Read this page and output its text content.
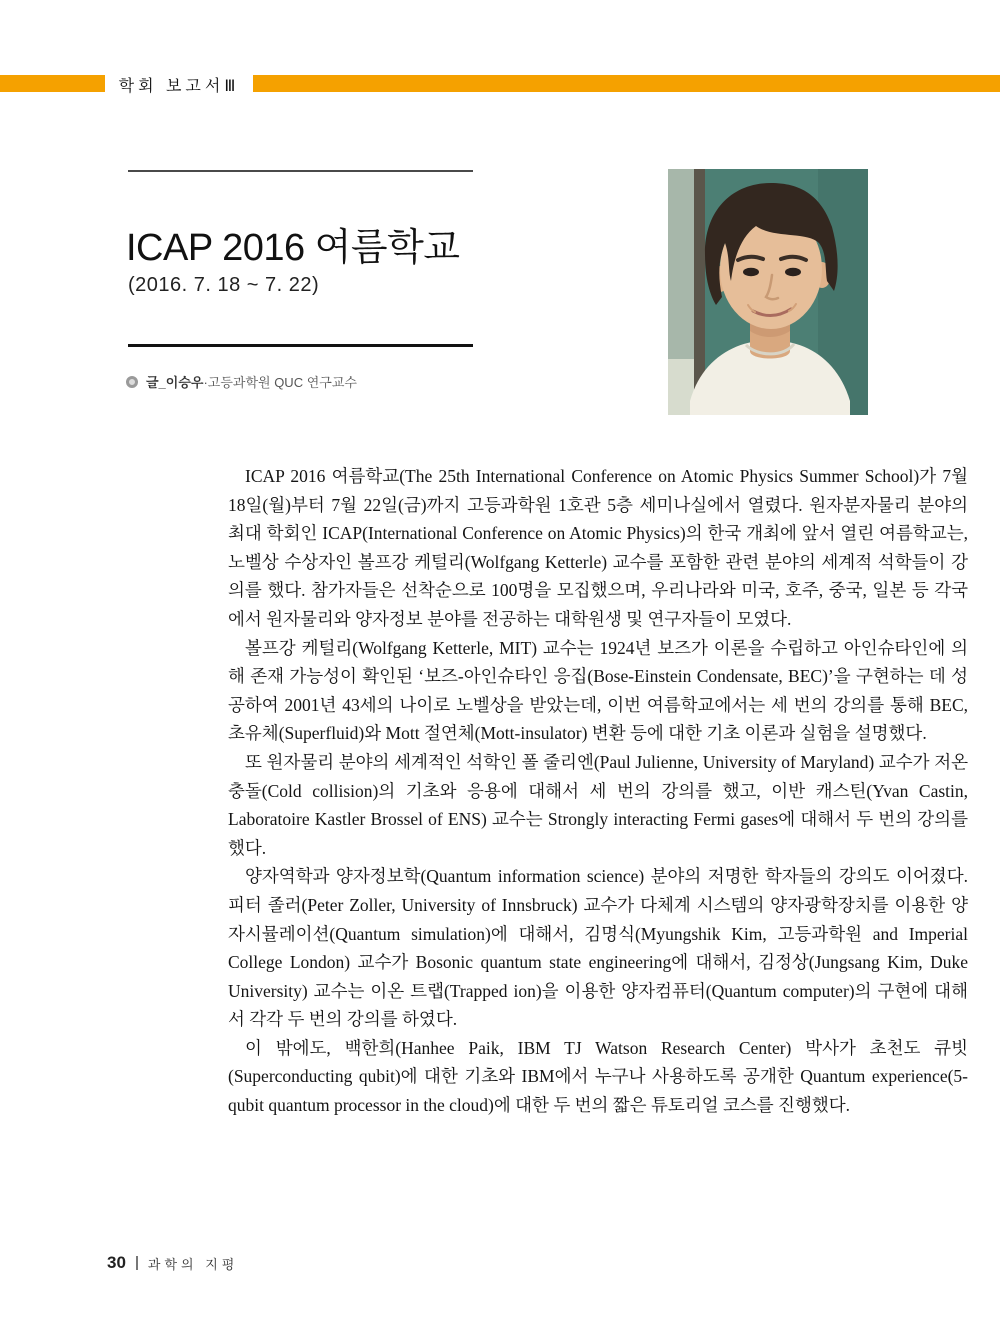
학회 보고서Ⅲ
ICAP 2016 여름학교
(2016. 7. 18 ~ 7. 22)
글_이승우·고등과학원 QUC 연구교수

ICAP 2016 여름학교(The 25th International Conference on Atomic Physics Summer School)가 7월 18일(월)부터 7월 22일(금)까지 고등과학원 1호관 5층 세미나실에서 열렸다. 원자분자물리 분야의 최대 학회인 ICAP(International Conference on Atomic Physics)의 한국 개최에 앞서 열린 여름학교는, 노벨상 수상자인 볼프강 케털리(Wolfgang Ketterle) 교수를 포함한 관련 분야의 세계적 석학들이 강의를 했다. 참가자들은 선착순으로 100명을 모집했으며, 우리나라와 미국, 호주, 중국, 일본 등 각국에서 원자물리와 양자정보 분야를 전공하는 대학원생 및 연구자들이 모였다.

볼프강 케털리(Wolfgang Ketterle, MIT) 교수는 1924년 보즈가 이론을 수립하고 아인슈타인에 의해 존재 가능성이 확인된 ‘보즈-아인슈타인 응집(Bose-Einstein Condensate, BEC)’을 구현하는 데 성공하여 2001년 43세의 나이로 노벨상을 받았는데, 이번 여름학교에서는 세 번의 강의를 통해 BEC, 초유체(Superfluid)와 Mott 절연체(Mott-insulator) 변환 등에 대한 기초 이론과 실험을 설명했다.

또 원자물리 분야의 세계적인 석학인 폴 줄리엔(Paul Julienne, University of Maryland) 교수가 저온 충돌(Cold collision)의 기초와 응용에 대해서 세 번의 강의를 했고, 이반 캐스틴(Yvan Castin, Laboratoire Kastler Brossel of ENS) 교수는 Strongly interacting Fermi gases에 대해서 두 번의 강의를 했다.

양자역학과 양자정보학(Quantum information science) 분야의 저명한 학자들의 강의도 이어졌다. 피터 졸러(Peter Zoller, University of Innsbruck) 교수가 다체계 시스템의 양자광학장치를 이용한 양자시뮬레이션(Quantum simulation)에 대해서, 김명식(Myungshik Kim, 고등과학원 and Imperial College London) 교수가 Bosonic quantum state engineering에 대해서, 김정상(Jungsang Kim, Duke University) 교수는 이온 트랩(Trapped ion)을 이용한 양자컴퓨터(Quantum computer)의 구현에 대해서 각각 두 번의 강의를 하였다.

이 밖에도, 백한희(Hanhee Paik, IBM TJ Watson Research Center) 박사가 초천도 큐빗(Superconducting qubit)에 대한 기초와 IBM에서 누구나 사용하도록 공개한 Quantum experience(5-qubit quantum processor in the cloud)에 대한 두 번의 짧은 튜토리얼 코스를 진행했다.

30 과학의 지평
